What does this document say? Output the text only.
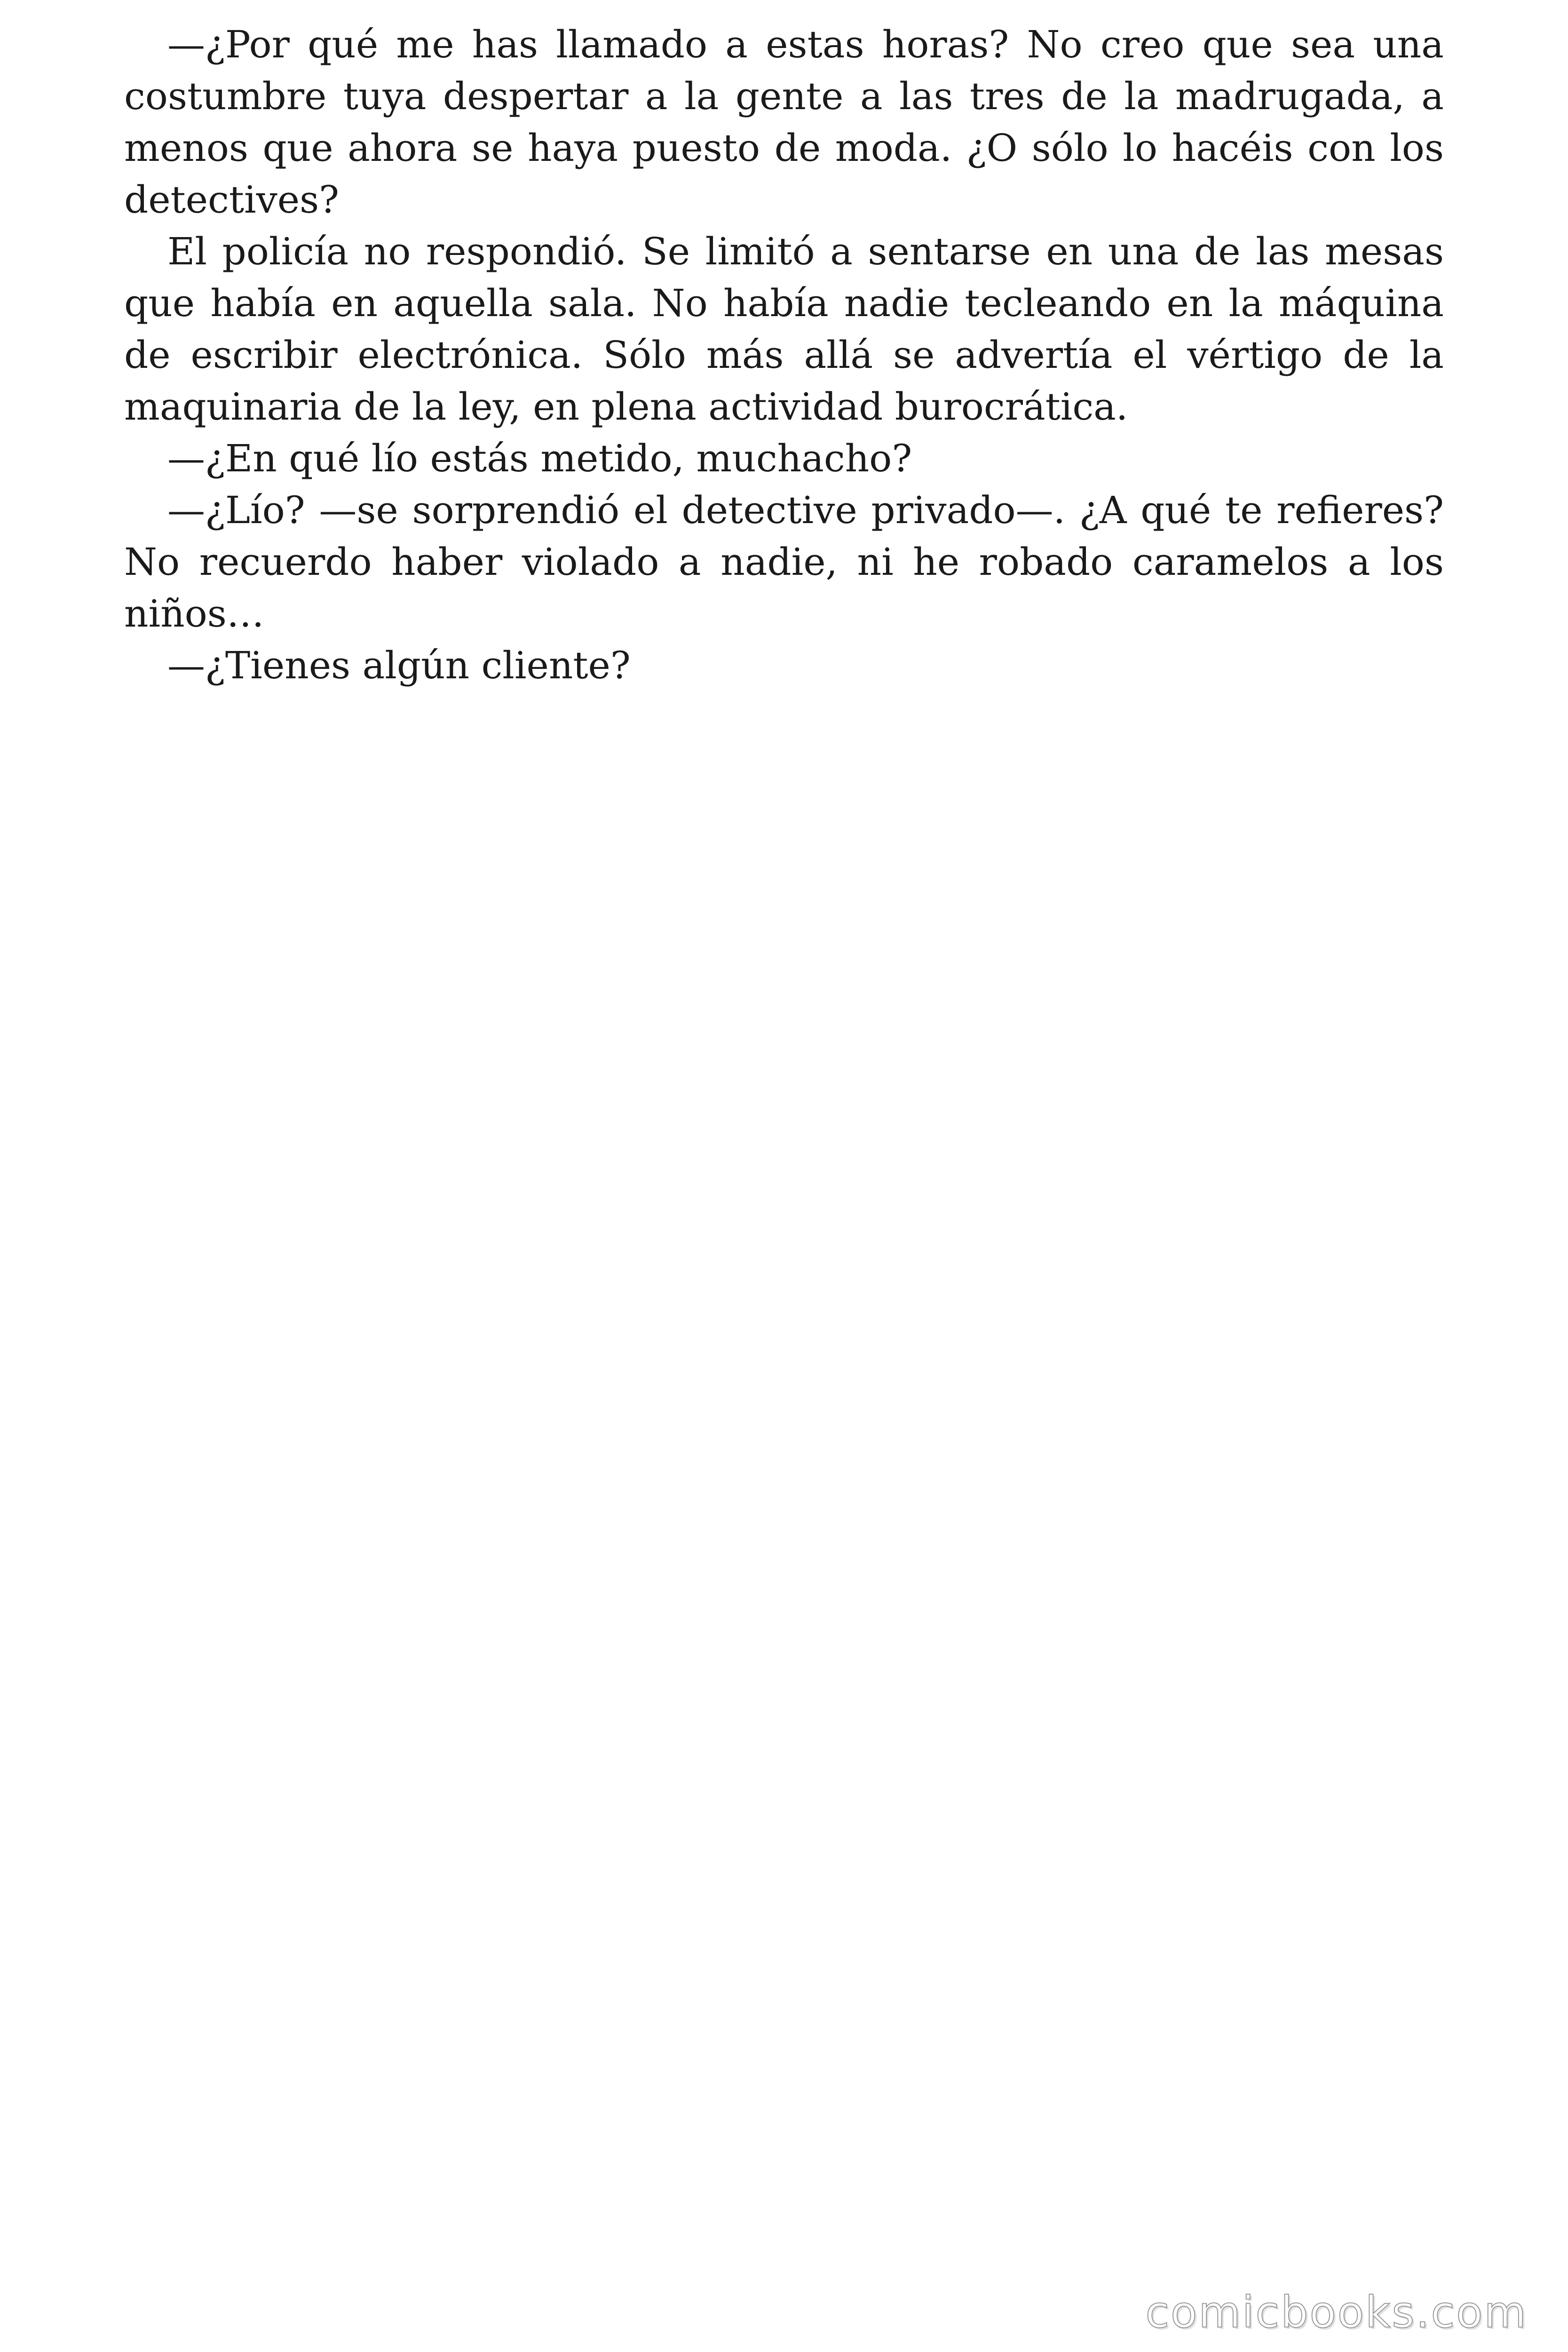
—¿Por qué me has llamado a estas horas? No creo que sea una costumbre tuya despertar a la gente a las tres de la madrugada, a menos que ahora se haya puesto de moda. ¿O sólo lo hacéis con los detectives?

El policía no respondió. Se limitó a sentarse en una de las mesas que había en aquella sala. No había nadie tecleando en la máquina de escribir electrónica. Sólo más allá se advertía el vértigo de la maquinaria de la ley, en plena actividad burocrática.

—¿En qué lío estás metido, muchacho?

—¿Lío? —se sorprendió el detective privado—. ¿A qué te refieres? No recuerdo haber violado a nadie, ni he robado caramelos a los niños…

—¿Tienes algún cliente?

comicbooks.com
